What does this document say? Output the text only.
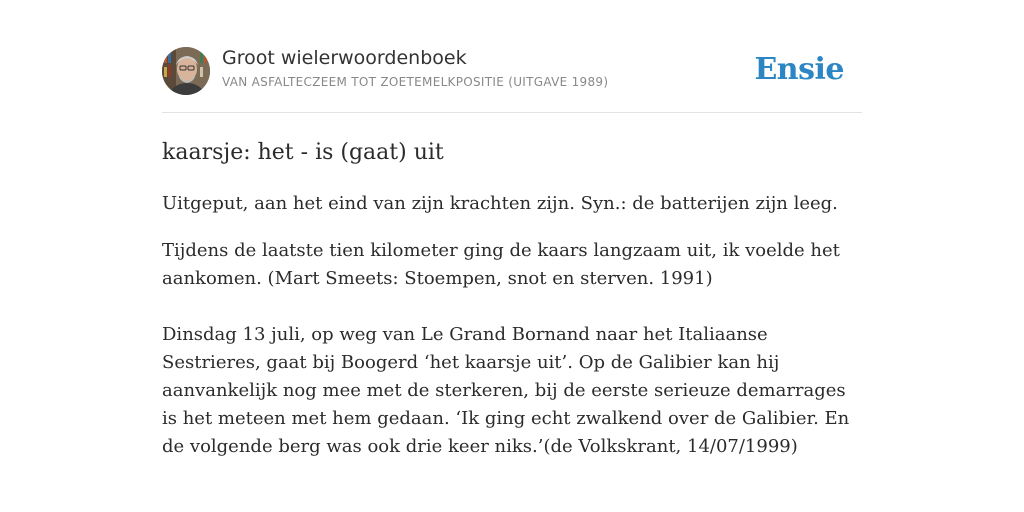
Groot wielerwoordenboek
VAN ASFALTECZEEM TOT ZOETEMELKPOSITIE (UITGAVE 1989)	Ensie
kaarsje: het - is (gaat) uit

Uitgeput, aan het eind van zijn krachten zijn. Syn.: de batterijen zijn leeg.

Tijdens de laatste tien kilometer ging de kaars langzaam uit, ik voelde het aankomen. (Mart Smeets: Stoempen, snot en sterven. 1991)

Dinsdag 13 juli, op weg van Le Grand Bornand naar het Italiaanse Sestrieres, gaat bij Boogerd ‘het kaarsje uit’. Op de Galibier kan hij aanvankelijk nog mee met de sterkeren, bij de eerste serieuze demarrages is het meteen met hem gedaan. ‘Ik ging echt zwalkend over de Galibier. En de volgende berg was ook drie keer niks.’(de Volkskrant, 14/07/1999)
